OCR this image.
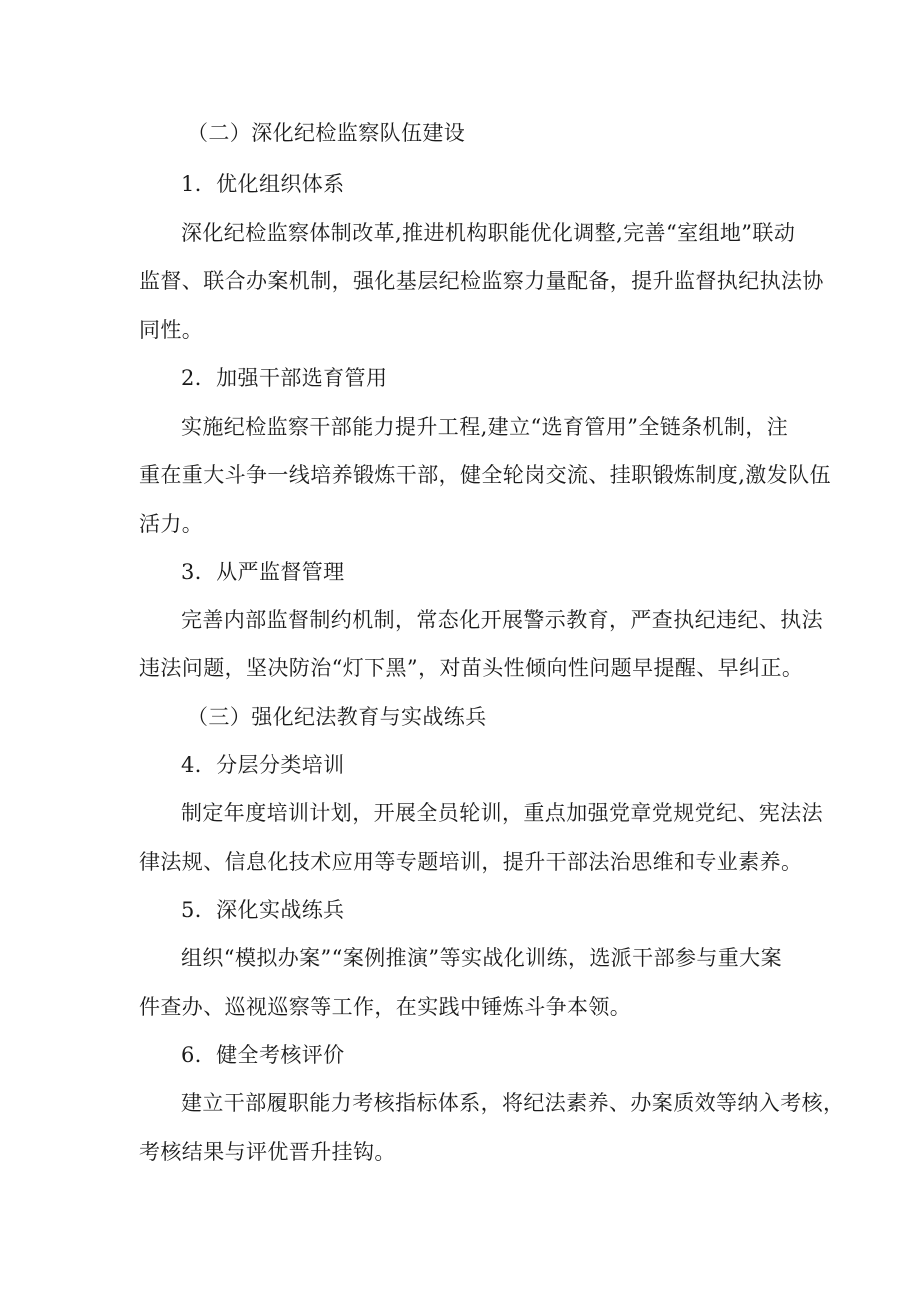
（二）深化纪检监察队伍建设

1．优化组织体系

深化纪检监察体制改革,推进机构职能优化调整,完善“室组地”联动

监督、联合办案机制，强化基层纪检监察力量配备，提升监督执纪执法协

同性。

2．加强干部选育管用

实施纪检监察干部能力提升工程,建立“选育管用”全链条机制，注

重在重大斗争一线培养锻炼干部，健全轮岗交流、挂职锻炼制度,激发队伍

活力。

3．从严监督管理

完善内部监督制约机制，常态化开展警示教育，严查执纪违纪、执法

违法问题，坚决防治“灯下黑”，对苗头性倾向性问题早提醒、早纠正。

（三）强化纪法教育与实战练兵

4．分层分类培训

制定年度培训计划，开展全员轮训，重点加强党章党规党纪、宪法法

律法规、信息化技术应用等专题培训，提升干部法治思维和专业素养。

5．深化实战练兵

组织“模拟办案”“案例推演”等实战化训练，选派干部参与重大案

件查办、巡视巡察等工作，在实践中锤炼斗争本领。

6．健全考核评价

建立干部履职能力考核指标体系，将纪法素养、办案质效等纳入考核，

考核结果与评优晋升挂钩。
